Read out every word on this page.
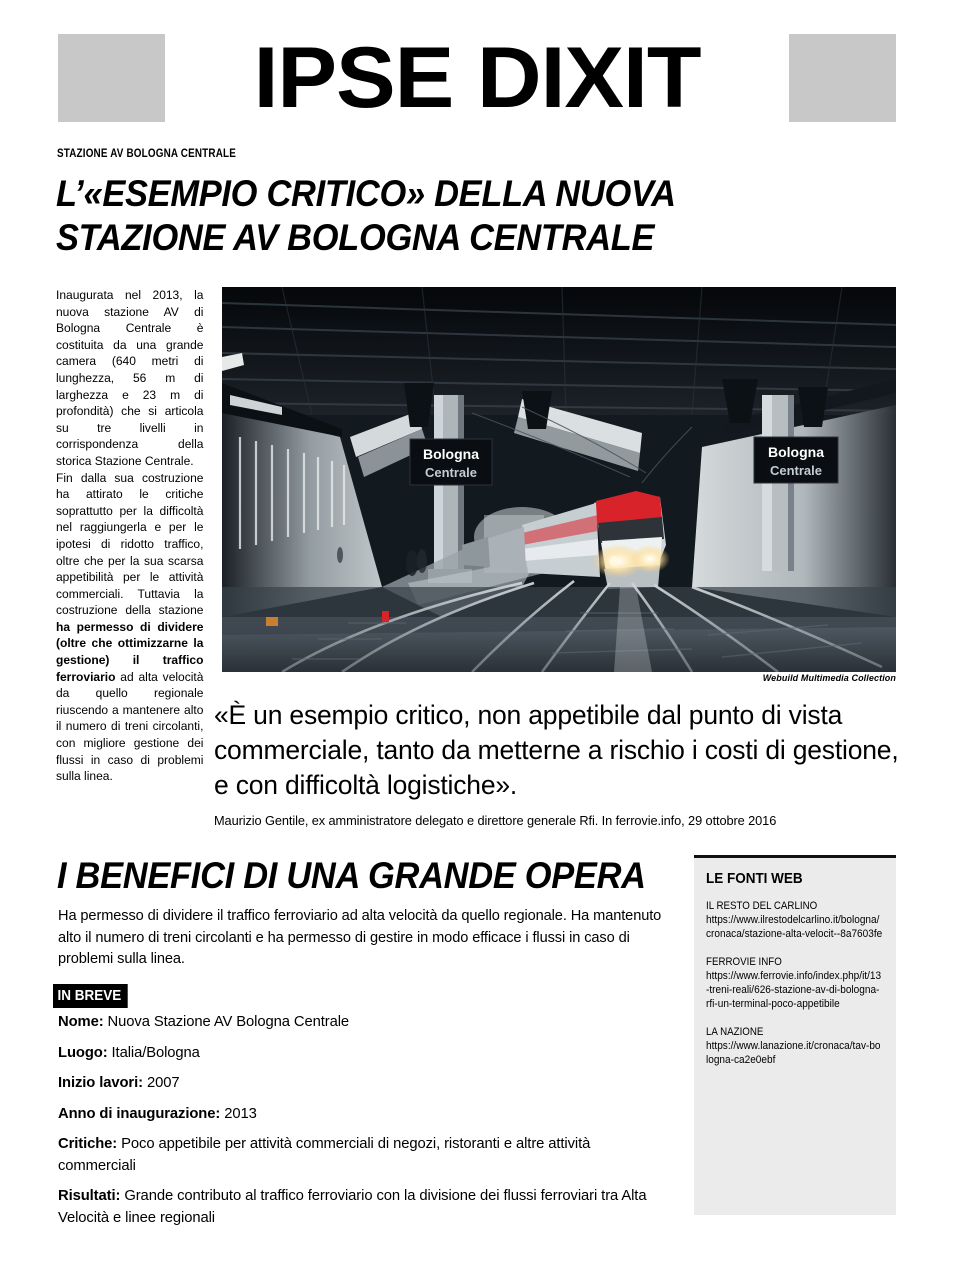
IPSE DIXIT
STAZIONE AV BOLOGNA CENTRALE
L’«ESEMPIO CRITICO» DELLA NUOVA
STAZIONE AV BOLOGNA CENTRALE

Inaugurata nel 2013, la nuova stazione AV di Bologna Centrale è costituita da una grande camera (640 metri di lunghezza, 56 m di larghezza e 23 m di profondità) che si articola su tre livelli in corrispondenza della storica Stazione Centrale.

Fin dalla sua costruzione ha attirato le critiche soprattutto per la difficoltà nel raggiungerla e per le ipotesi di ridotto traffico, oltre che per la sua scarsa appetibilità per le attività commerciali. Tuttavia la costruzione della stazione ha permesso di dividere (oltre che ottimizzarne la gestione) il traffico ferroviario ad alta velocità da quello regionale riuscendo a mantenere alto il numero di treni circolanti, con migliore gestione dei flussi in caso di problemi sulla linea.

Bologna
Centrale
Bologna
Centrale
Webuild Multimedia Collection
«È un esempio critico, non appetibile dal punto di vista commerciale, tanto da metterne a rischio i costi di gestione, e con difficoltà logistiche».
Maurizio Gentile, ex amministratore delegato e direttore generale Rfi. In ferrovie.info, 29 ottobre 2016
I BENEFICI DI UNA GRANDE OPERA
Ha permesso di dividere il traffico ferroviario ad alta velocità da quello regionale. Ha mantenuto alto il numero di treni circolanti e ha permesso di gestire in modo efficace i flussi in caso di problemi sulla linea.
IN BREVE
Nome: Nuova Stazione AV Bologna Centrale
Luogo: Italia/Bologna
Inizio lavori: 2007
Anno di inaugurazione: 2013
Critiche: Poco appetibile per attività commerciali di negozi, ristoranti e altre attività commerciali
Risultati: Grande contributo al traffico ferroviario con la divisione dei flussi ferroviari tra Alta Velocità e linee regionali
LE FONTI WEB
IL RESTO DEL CARLINO
https://www.ilrestodelcarlino.it/bologna/cronaca/stazione-alta-velocit--8a7603fe
FERROVIE INFO
https://www.ferrovie.info/index.php/it/13-treni-reali/626-stazione-av-di-bologna-rfi-un-terminal-poco-appetibile
LA NAZIONE
https://www.lanazione.it/cronaca/tav-bologna-ca2e0ebf
